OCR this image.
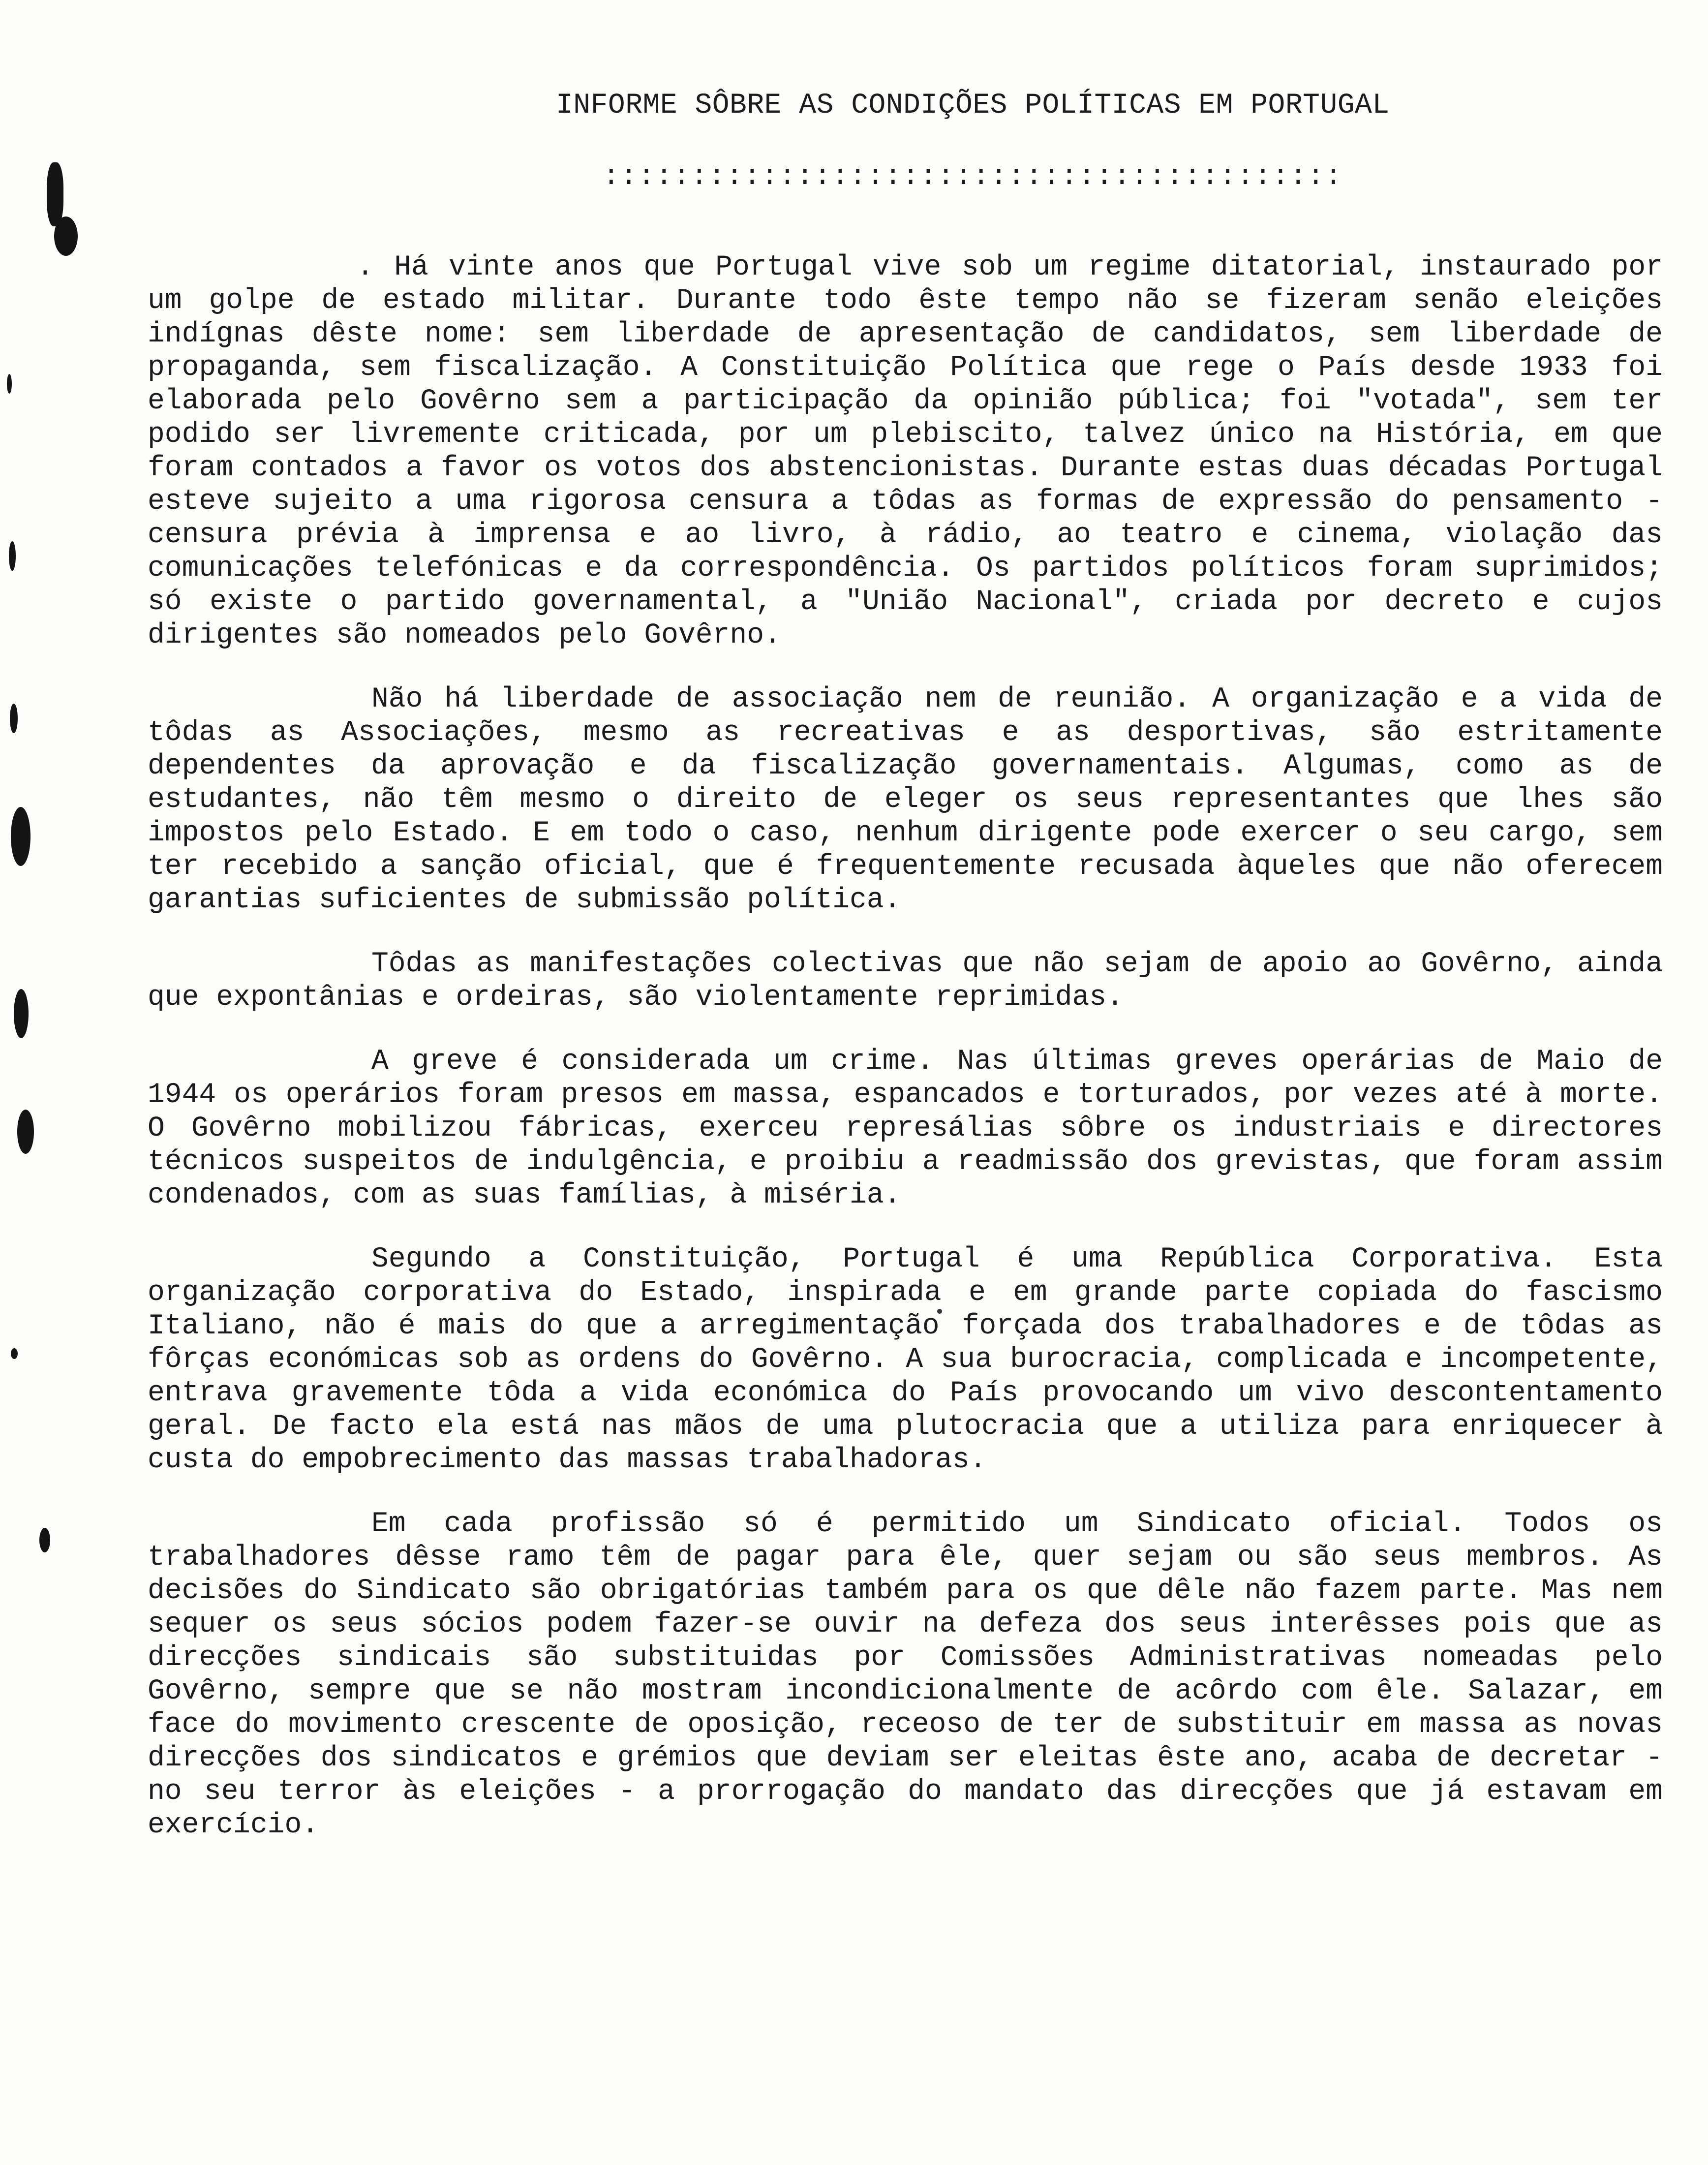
INFORME SÔBRE AS CONDIÇÕES POLÍTICAS EM PORTUGAL
::::::::::::::::::::::::::::::::::::::::::

. Há vinte anos que Portugal vive sob um regime ditatorial, instaurado por um golpe de estado militar. Durante todo êste tempo não se fizeram senão eleições indígnas dêste nome: sem liberdade de apresentação de candidatos, sem liberdade de propaganda, sem fiscalização. A Constituição Política que rege o País desde 1933 foi elaborada pelo Govêrno sem a participação da opinião pública; foi "votada", sem ter podido ser livremente criticada, por um plebiscito, talvez único na História, em que foram contados a favor os votos dos abstencionistas. Durante estas duas décadas Portugal esteve sujeito a uma rigorosa censura a tôdas as formas de expressão do pensamento - censura prévia à imprensa e ao livro, à rádio, ao teatro e cinema, violação das comunicações telefónicas e da correspondência. Os partidos políticos foram suprimidos; só existe o partido governamental, a "União Nacional", criada por decreto e cujos dirigentes são nomeados pelo Govêrno.

Não há liberdade de associação nem de reunião. A organização e a vida de tôdas as Associações, mesmo as recreativas e as desportivas, são estritamente dependentes da aprovação e da fiscalização governamentais. Algumas, como as de estudantes, não têm mesmo o direito de eleger os seus representantes que lhes são impostos pelo Estado. E em todo o caso, nenhum dirigente pode exercer o seu cargo, sem ter recebido a sanção oficial, que é frequentemente recusada àqueles que não oferecem garantias suficientes de submissão política.

Tôdas as manifestações colectivas que não sejam de apoio ao Govêrno, ainda que expontânias e ordeiras, são violentamente reprimidas.

A greve é considerada um crime. Nas últimas greves operárias de Maio de 1944 os operários foram presos em massa, espancados e torturados, por vezes até à morte. O Govêrno mobilizou fábricas, exerceu represálias sôbre os industriais e directores técnicos suspeitos de indulgência, e proibiu a readmissão dos grevistas, que foram assim condenados, com as suas famílias, à miséria.

Segundo a Constituição, Portugal é uma República Corporativa. Esta organização corporativa do Estado, inspirada e em grande parte copiada do fascismo Italiano, não é mais do que a arregimentação forçada dos trabalhadores e de tôdas as fôrças económicas sob as ordens do Govêrno. A sua burocracia, complicada e incompetente, entrava gravemente tôda a vida económica do País provocando um vivo descontentamento geral. De facto ela está nas mãos de uma plutocracia que a utiliza para enriquecer à custa do empobrecimento das massas trabalhadoras.

Em cada profissão só é permitido um Sindicato oficial. Todos os trabalhadores dêsse ramo têm de pagar para êle, quer sejam ou são seus membros. As decisões do Sindicato são obrigatórias também para os que dêle não fazem parte. Mas nem sequer os seus sócios podem fazer-se ouvir na defeza dos seus interêsses pois que as direcções sindicais são substituidas por Comissões Administrativas nomeadas pelo Govêrno, sempre que se não mostram incondicionalmente de acôrdo com êle. Salazar, em face do movimento crescente de oposição, receoso de ter de substituir em massa as novas direcções dos sindicatos e grémios que deviam ser eleitas êste ano, acaba de decretar - no seu terror às eleições - a prorrogação do mandato das direcções que já estavam em exercício.
